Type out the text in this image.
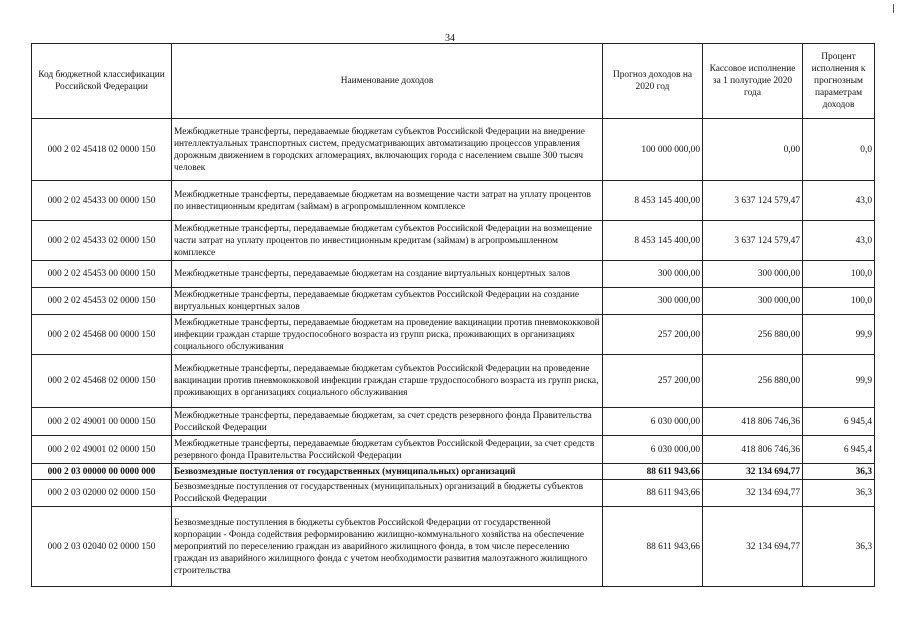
34
Код бюджетной классификации Российской Федерации	Наименование доходов	Прогноз доходов на 2020 год	Кассовое исполнение за 1 полугодие 2020 года	Процент исполнения к прогнозным параметрам доходов
000 2 02 45418 02 0000 150	Межбюджетные трансферты, передаваемые бюджетам субъектов Российской Федерации на внедрение интеллектуальных транспортных систем, предусматривающих автоматизацию процессов управления дорожным движением в городских агломерациях, включающих города с населением свыше 300 тысяч человек	100 000 000,00	0,00	0,0
000 2 02 45433 00 0000 150	Межбюджетные трансферты, передаваемые бюджетам на возмещение части затрат на уплату процентов по инвестиционным кредитам (займам) в агропромышленном комплексе	8 453 145 400,00	3 637 124 579,47	43,0
000 2 02 45433 02 0000 150	Межбюджетные трансферты, передаваемые бюджетам субъектов Российской Федерации на возмещение части затрат на уплату процентов по инвестиционным кредитам (займам) в агропромышленном комплексе	8 453 145 400,00	3 637 124 579,47	43,0
000 2 02 45453 00 0000 150	Межбюджетные трансферты, передаваемые бюджетам на создание виртуальных концертных залов	300 000,00	300 000,00	100,0
000 2 02 45453 02 0000 150	Межбюджетные трансферты, передаваемые бюджетам субъектов Российской Федерации на создание виртуальных концертных залов	300 000,00	300 000,00	100,0
000 2 02 45468 00 0000 150	Межбюджетные трансферты, передаваемые бюджетам на проведение вакцинации против пневмококковой инфекции граждан старше трудоспособного возраста из групп риска, проживающих в организациях социального обслуживания	257 200,00	256 880,00	99,9
000 2 02 45468 02 0000 150	Межбюджетные трансферты, передаваемые бюджетам субъектов Российской Федерации на проведение вакцинации против пневмококковой инфекции граждан старше трудоспособного возраста из групп риска, проживающих в организациях социального обслуживания	257 200,00	256 880,00	99,9
000 2 02 49001 00 0000 150	Межбюджетные трансферты, передаваемые бюджетам, за счет средств резервного фонда Правительства Российской Федерации	6 030 000,00	418 806 746,36	6 945,4
000 2 02 49001 02 0000 150	Межбюджетные трансферты, передаваемые бюджетам субъектов Российской Федерации, за счет средств резервного фонда Правительства Российской Федерации	6 030 000,00	418 806 746,36	6 945,4
000 2 03 00000 00 0000 000	Безвозмездные поступления от государственных (муниципальных) организаций	88 611 943,66	32 134 694,77	36,3
000 2 03 02000 02 0000 150	Безвозмездные поступления от государственных (муниципальных) организаций в бюджеты субъектов Российской Федерации	88 611 943,66	32 134 694,77	36,3
000 2 03 02040 02 0000 150	Безвозмездные поступления в бюджеты субъектов Российской Федерации от государственной корпорации - Фонда содействия реформированию жилищно-коммунального хозяйства на обеспечение мероприятий по переселению граждан из аварийного жилищного фонда, в том числе переселению граждан из аварийного жилищного фонда с учетом необходимости развития малоэтажного жилищного строительства	88 611 943,66	32 134 694,77	36,3
